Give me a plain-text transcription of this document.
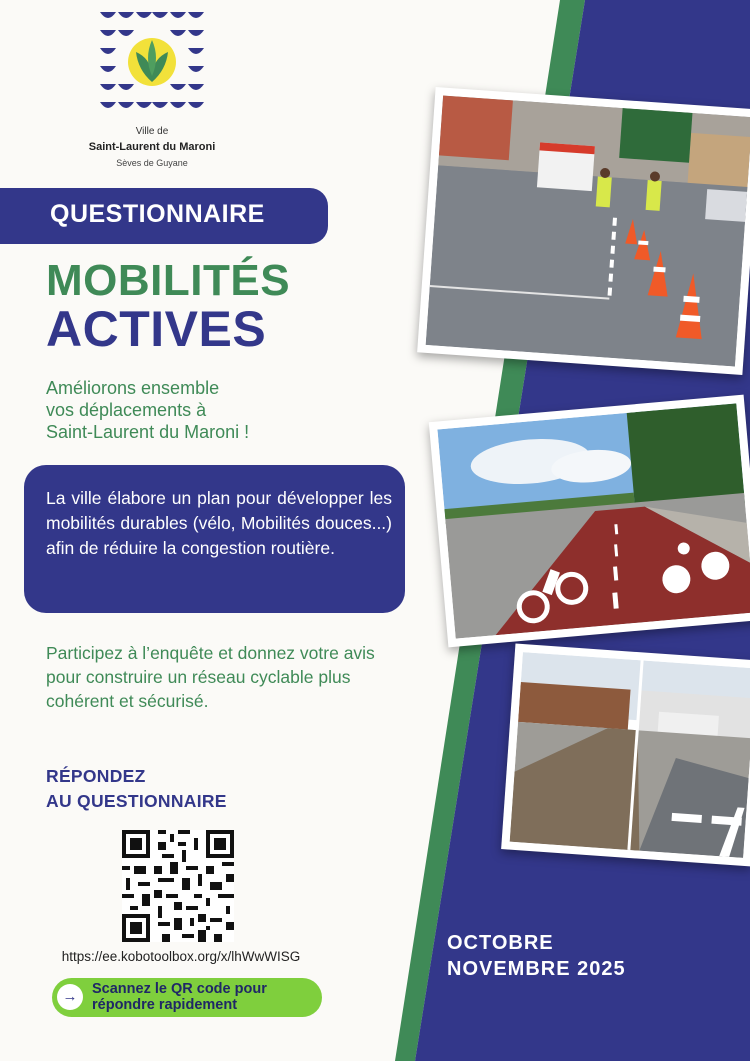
Ville de
Saint-Laurent du Maroni
Sèves de Guyane
QUESTIONNAIRE
MOBILITÉS
ACTIVES
Améliorons ensemble
vos déplacements à
Saint-Laurent du Maroni !

La ville élabore un plan pour développer les mobilités durables (vélo, Mobilités douces...) afin de réduire la congestion routière.

Participez à l’enquête et donnez votre avis pour construire un réseau cyclable plus cohérent et sécurisé.
RÉPONDEZ
AU QUESTIONNAIRE
https://ee.kobotoolbox.org/x/lhWwWISG
→	Scannez le QR code pour
répondre rapidement
OCTOBRE
NOVEMBRE 2025
